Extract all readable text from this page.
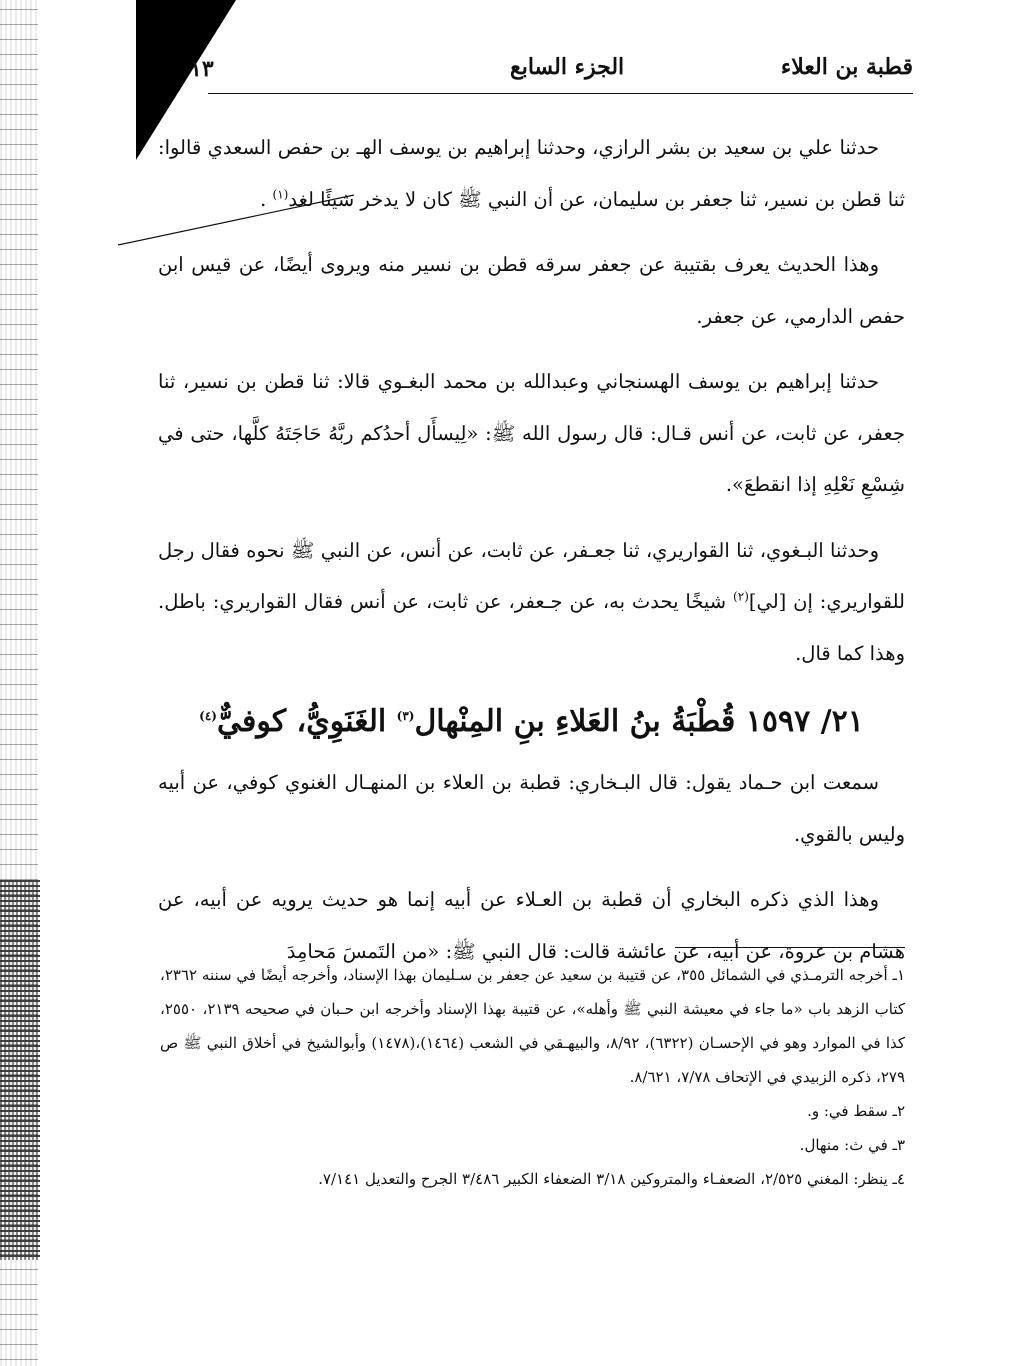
قطبة بن العلاء
الجزء السابع
١٣

حدثنا علي بن سعيد بن بشر الرازي، وحدثنا إبراهيم بن يوسف الهـ بن حفص السعدي قالوا: ثنا قطن بن نسير، ثنا جعفر بن سليمان، عن أن النبي ﷺ كان لا يدخر شيئًا لغد$^{(١)}$ .

وهذا الحديث يعرف بقتيبة عن جعفر سرقه قطن بن نسير منه ويروى أيضًا، عن قيس ابن حفص الدارمي، عن جعفر.

حدثنا إبراهيم بن يوسف الهسنجاني وعبدالله بن محمد البغـوي قالا: ثنا قطن بن نسير، ثنا جعفر، عن ثابت، عن أنس قـال: قال رسول الله ﷺ: «لِيسأَل أحدُكم ربَّهُ حَاجَتَهُ كلَّها، حتى في شِسْعِ نَعْلِهِ إذا انقطعَ».

وحدثنا البـغوي، ثنا القواريري، ثنا جعـفر، عن ثابت، عن أنس، عن النبي ﷺ نحوه فقال رجل للقواريري: إن [لي]$^{(٢)}$ شيخًا يحدث به، عن جـعفر، عن ثابت، عن أنس فقال القواريري: باطل. وهذا كما قال.

٢١/ ١٥٩٧ قُطْبَةُ بنُ العَلاءِ بنِ المِنْهال$^{(٣)}$ الغَنَوِيُّ، كوفيٌّ$^{(٤)}$

سمعت ابن حـماد يقول: قال البـخاري: قطبة بن العلاء بن المنهـال الغنوي كوفي، عن أبيه وليس بالقوي.

وهذا الذي ذكره البخاري أن قطبة بن العـلاء عن أبيه إنما هو حديث يرويه عن أبيه، عن هشام بن عروة، عن أبيه، عن عائشة قالت: قال النبي ﷺ: «من التَمسَ مَحامِدَ

١ـ أخرجه الترمـذي في الشمائل ٣٥٥، عن قتيبة بن سعيد عن جعفر بن سـليمان بهذا الإسناد، وأخرجه أيضًا في سننه ٢٣٦٢، كتاب الزهد باب «ما جاء في معيشة النبي ﷺ وأهله»، عن قتيبة بهذا الإسناد وأخرجه ابن حـبان في صحيحه ٢١٣٩، ٢٥٥٠، كذا في الموارد وهو في الإحسـان (٦٣٢٢)، ٨/٩٢، والبيهـقي في الشعب (١٤٦٤)،(١٤٧٨) وأبوالشيخ في أخلاق النبي ﷺ ص ٢٧٩، ذكره الزبيدي في الإتحاف ٧/٧٨، ٨/٦٢١.

٢ـ سقط في: و.

٣ـ في ث: منهال.

٤ـ ينظر: المغني ٢/٥٢٥، الضعفـاء والمتروكين ٣/١٨ الضعفاء الكبير ٣/٤٨٦ الجرح والتعديل ٧/١٤١.
